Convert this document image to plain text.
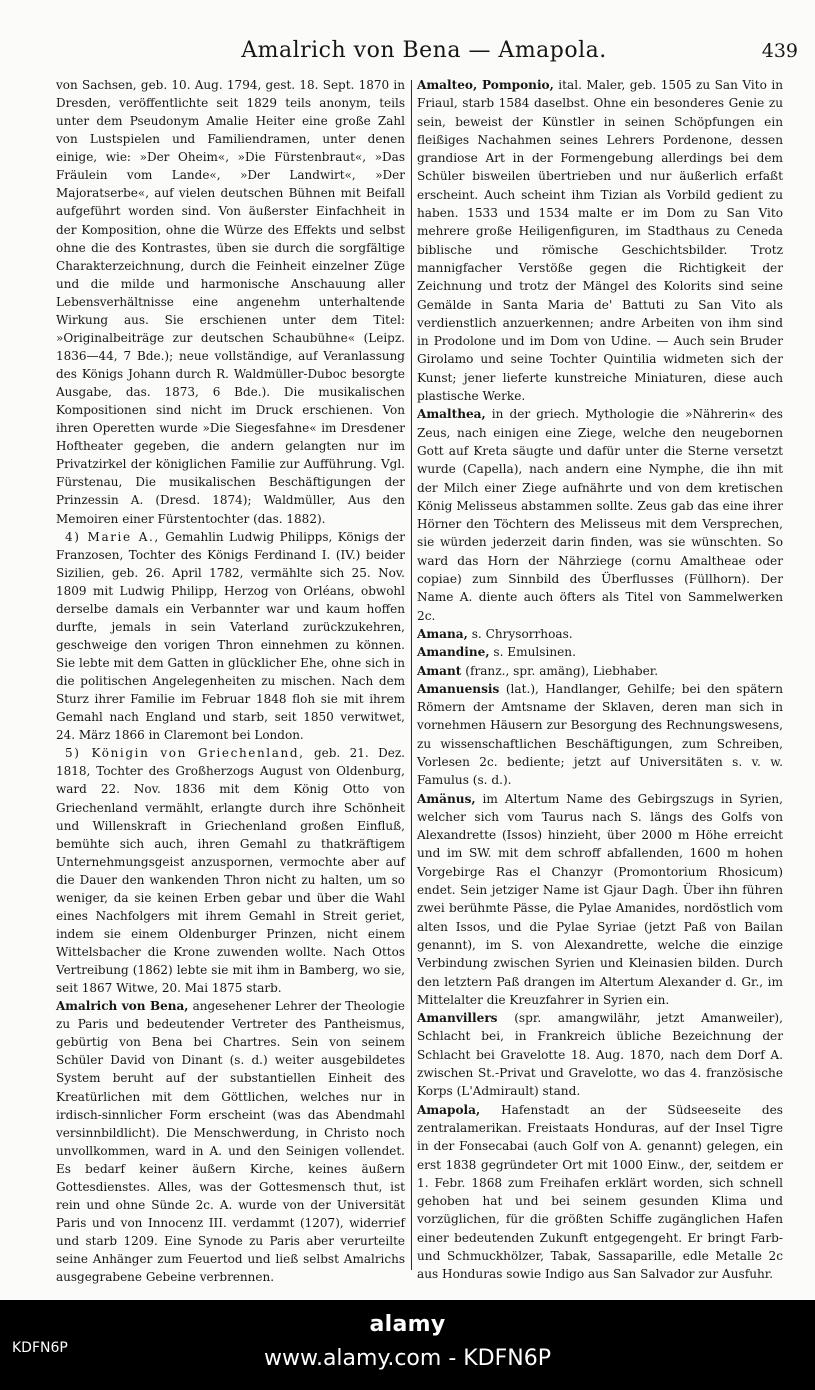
Amalrich von Bena — Amapola.	439

von Sachsen, geb. 10. Aug. 1794, gest. 18. Sept. 1870 in Dresden, veröffentlichte seit 1829 teils anonym, teils unter dem Pseudonym Amalie Heiter eine große Zahl von Lustspielen und Familiendramen, unter denen einige, wie: »Der Oheim«, »Die Fürstenbraut«, »Das Fräulein vom Lande«, »Der Landwirt«, »Der Majoratserbe«, auf vielen deutschen Bühnen mit Beifall aufgeführt worden sind. Von äußerster Einfachheit in der Komposition, ohne die Würze des Effekts und selbst ohne die des Kontrastes, üben sie durch die sorgfältige Charakterzeichnung, durch die Feinheit einzelner Züge und die milde und harmonische Anschauung aller Lebensverhältnisse eine angenehm unterhaltende Wirkung aus. Sie erschienen unter dem Titel: »Originalbeiträge zur deutschen Schaubühne« (Leipz. 1836—44, 7 Bde.); neue vollständige, auf Veranlassung des Königs Johann durch R. Waldmüller-Duboc besorgte Ausgabe, das. 1873, 6 Bde.). Die musikalischen Kompositionen sind nicht im Druck erschienen. Von ihren Operetten wurde »Die Siegesfahne« im Dresdener Hoftheater gegeben, die andern gelangten nur im Privatzirkel der königlichen Familie zur Aufführung. Vgl. Fürstenau, Die musikalischen Beschäftigungen der Prinzessin A. (Dresd. 1874); Waldmüller, Aus den Memoiren einer Fürstentochter (das. 1882).

4) Marie A., Gemahlin Ludwig Philipps, Königs der Franzosen, Tochter des Königs Ferdinand I. (IV.) beider Sizilien, geb. 26. April 1782, vermählte sich 25. Nov. 1809 mit Ludwig Philipp, Herzog von Orléans, obwohl derselbe damals ein Verbannter war und kaum hoffen durfte, jemals in sein Vaterland zurückzukehren, geschweige den vorigen Thron einnehmen zu können. Sie lebte mit dem Gatten in glücklicher Ehe, ohne sich in die politischen Angelegenheiten zu mischen. Nach dem Sturz ihrer Familie im Februar 1848 floh sie mit ihrem Gemahl nach England und starb, seit 1850 verwitwet, 24. März 1866 in Claremont bei London.

5) Königin von Griechenland, geb. 21. Dez. 1818, Tochter des Großherzogs August von Oldenburg, ward 22. Nov. 1836 mit dem König Otto von Griechenland vermählt, erlangte durch ihre Schönheit und Willenskraft in Griechenland großen Einfluß, bemühte sich auch, ihren Gemahl zu thatkräftigem Unternehmungsgeist anzuspornen, vermochte aber auf die Dauer den wankenden Thron nicht zu halten, um so weniger, da sie keinen Erben gebar und über die Wahl eines Nachfolgers mit ihrem Gemahl in Streit geriet, indem sie einem Oldenburger Prinzen, nicht einem Wittelsbacher die Krone zuwenden wollte. Nach Ottos Vertreibung (1862) lebte sie mit ihm in Bamberg, wo sie, seit 1867 Witwe, 20. Mai 1875 starb.

Amalrich von Bena, angesehener Lehrer der Theologie zu Paris und bedeutender Vertreter des Pantheismus, gebürtig von Bena bei Chartres. Sein von seinem Schüler David von Dinant (s. d.) weiter ausgebildetes System beruht auf der substantiellen Einheit des Kreatürlichen mit dem Göttlichen, welches nur in irdisch-sinnlicher Form erscheint (was das Abendmahl versinnbildlicht). Die Menschwerdung, in Christo noch unvollkommen, ward in A. und den Seinigen vollendet. Es bedarf keiner äußern Kirche, keines äußern Gottesdienstes. Alles, was der Gottesmensch thut, ist rein und ohne Sünde 2c. A. wurde von der Universität Paris und von Innocenz III. verdammt (1207), widerrief und starb 1209. Eine Synode zu Paris aber verurteilte seine Anhänger zum Feuertod und ließ selbst Amalrichs ausgegrabene Gebeine verbrennen.

Amalteo, Pomponio, ital. Maler, geb. 1505 zu San Vito in Friaul, starb 1584 daselbst. Ohne ein besonderes Genie zu sein, beweist der Künstler in seinen Schöpfungen ein fleißiges Nachahmen seines Lehrers Pordenone, dessen grandiose Art in der Formengebung allerdings bei dem Schüler bisweilen übertrieben und nur äußerlich erfaßt erscheint. Auch scheint ihm Tizian als Vorbild gedient zu haben. 1533 und 1534 malte er im Dom zu San Vito mehrere große Heiligenfiguren, im Stadthaus zu Ceneda biblische und römische Geschichtsbilder. Trotz mannigfacher Verstöße gegen die Richtigkeit der Zeichnung und trotz der Mängel des Kolorits sind seine Gemälde in Santa Maria de' Battuti zu San Vito als verdienstlich anzuerkennen; andre Arbeiten von ihm sind in Prodolone und im Dom von Udine. — Auch sein Bruder Girolamo und seine Tochter Quintilia widmeten sich der Kunst; jener lieferte kunstreiche Miniaturen, diese auch plastische Werke.

Amalthea, in der griech. Mythologie die »Nährerin« des Zeus, nach einigen eine Ziege, welche den neugebornen Gott auf Kreta säugte und dafür unter die Sterne versetzt wurde (Capella), nach andern eine Nymphe, die ihn mit der Milch einer Ziege aufnährte und von dem kretischen König Melisseus abstammen sollte. Zeus gab das eine ihrer Hörner den Töchtern des Melisseus mit dem Versprechen, sie würden jederzeit darin finden, was sie wünschten. So ward das Horn der Nährziege (cornu Amaltheae oder copiae) zum Sinnbild des Überflusses (Füllhorn). Der Name A. diente auch öfters als Titel von Sammelwerken 2c.

Amana, s. Chrysorrhoas.

Amandine, s. Emulsinen.

Amant (franz., spr. amäng), Liebhaber.

Amanuensis (lat.), Handlanger, Gehilfe; bei den spätern Römern der Amtsname der Sklaven, deren man sich in vornehmen Häusern zur Besorgung des Rechnungswesens, zu wissenschaftlichen Beschäftigungen, zum Schreiben, Vorlesen 2c. bediente; jetzt auf Universitäten s. v. w. Famulus (s. d.).

Amänus, im Altertum Name des Gebirgszugs in Syrien, welcher sich vom Taurus nach S. längs des Golfs von Alexandrette (Issos) hinzieht, über 2000 m Höhe erreicht und im SW. mit dem schroff abfallenden, 1600 m hohen Vorgebirge Ras el Chanzyr (Promontorium Rhosicum) endet. Sein jetziger Name ist Gjaur Dagh. Über ihn führen zwei berühmte Pässe, die Pylae Amanides, nordöstlich vom alten Issos, und die Pylae Syriae (jetzt Paß von Bailan genannt), im S. von Alexandrette, welche die einzige Verbindung zwischen Syrien und Kleinasien bilden. Durch den letztern Paß drangen im Altertum Alexander d. Gr., im Mittelalter die Kreuzfahrer in Syrien ein.

Amanvillers (spr. amangwilähr, jetzt Amanweiler), Schlacht bei, in Frankreich übliche Bezeichnung der Schlacht bei Gravelotte 18. Aug. 1870, nach dem Dorf A. zwischen St.-Privat und Gravelotte, wo das 4. französische Korps (L'Admirault) stand.

Amapola, Hafenstadt an der Südseeseite des zentralamerikan. Freistaats Honduras, auf der Insel Tigre in der Fonsecabai (auch Golf von A. genannt) gelegen, ein erst 1838 gegründeter Ort mit 1000 Einw., der, seitdem er 1. Febr. 1868 zum Freihafen erklärt worden, sich schnell gehoben hat und bei seinem gesunden Klima und vorzüglichen, für die größten Schiffe zugänglichen Hafen einer bedeutenden Zukunft entgegengeht. Er bringt Farb- und Schmuckhölzer, Tabak, Sassaparille, edle Metalle 2c aus Honduras sowie Indigo aus San Salvador zur Ausfuhr.

KDFN6P
alamy
www.alamy.com - KDFN6P
